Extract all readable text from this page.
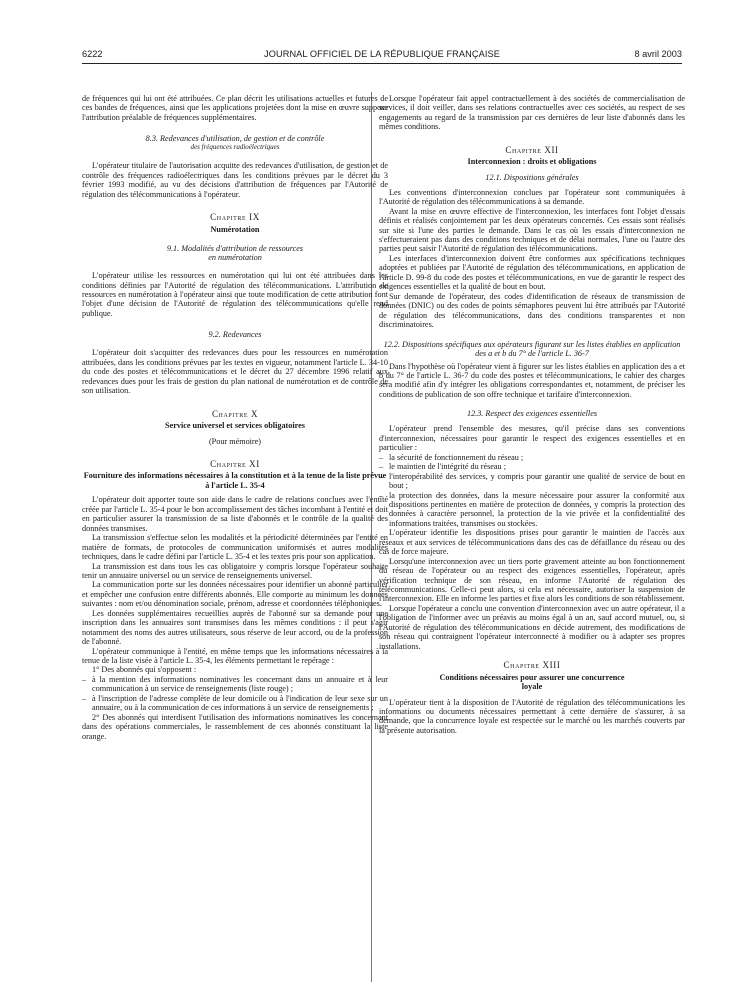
6222	JOURNAL OFFICIEL DE LA RÉPUBLIQUE FRANÇAISE	8 avril 2003

de fréquences qui lui ont été attribuées. Ce plan décrit les utilisations actuelles et futures de ces bandes de fréquences, ainsi que les applications projetées dont la mise en œuvre suppose l'attribution préalable de fréquences supplémentaires.

8.3. Redevances d'utilisation, de gestion et de contrôle
des fréquences radioélectriques

L'opérateur titulaire de l'autorisation acquitte des redevances d'utilisation, de gestion et de contrôle des fréquences radioélectriques dans les conditions prévues par le décret du 3 février 1993 modifié, au vu des décisions d'attribution de fréquences par l'Autorité de régulation des télécommunications à l'opérateur.

Chapitre IX
Numérotation
9.1. Modalités d'attribution de ressources
en numérotation

L'opérateur utilise les ressources en numérotation qui lui ont été attribuées dans les conditions définies par l'Autorité de régulation des télécommunications. L'attribution de ressources en numérotation à l'opérateur ainsi que toute modification de cette attribution font l'objet d'une décision de l'Autorité de régulation des télécommunications qu'elle rend publique.

9.2. Redevances

L'opérateur doit s'acquitter des redevances dues pour les ressources en numérotation attribuées, dans les conditions prévues par les textes en vigueur, notamment l'article L. 34-10 du code des postes et télécommunications et le décret du 27 décembre 1996 relatif aux redevances dues pour les frais de gestion du plan national de numérotation et de contrôle de son utilisation.

Chapitre X
Service universel et services obligatoires
(Pour mémoire)
Chapitre XI
Fourniture des informations nécessaires à la constitution et à la tenue de la liste prévue à l'article L. 35-4

L'opérateur doit apporter toute son aide dans le cadre de relations conclues avec l'entité créée par l'article L. 35-4 pour le bon accomplissement des tâches incombant à l'entité et doit en particulier assurer la transmission de sa liste d'abonnés et le contrôle de la qualité des données transmises.

La transmission s'effectue selon les modalités et la périodicité déterminées par l'entité en matière de formats, de protocoles de communication uniformisés et autres modalités techniques, dans le cadre défini par l'article L. 35-4 et les textes pris pour son application.

La transmission est dans tous les cas obligatoire y compris lorsque l'opérateur souhaite tenir un annuaire universel ou un service de renseignements universel.

La communication porte sur les données nécessaires pour identifier un abonné particulier et empêcher une confusion entre différents abonnés. Elle comporte au minimum les données suivantes : nom et/ou dénomination sociale, prénom, adresse et coordonnées téléphoniques.

Les données supplémentaires recueillies auprès de l'abonné sur sa demande pour une inscription dans les annuaires sont transmises dans les mêmes conditions : il peut s'agir notamment des noms des autres utilisateurs, sous réserve de leur accord, ou de la profession de l'abonné.

L'opérateur communique à l'entité, en même temps que les informations nécessaires à la tenue de la liste visée à l'article L. 35-4, les éléments permettant le repérage :

1° Des abonnés qui s'opposent :

– à la mention des informations nominatives les concernant dans un annuaire et à leur communication à un service de renseignements (liste rouge) ;

– à l'inscription de l'adresse complète de leur domicile ou à l'indication de leur sexe sur un annuaire, ou à la communication de ces informations à un service de renseignements ;

2° Des abonnés qui interdisent l'utilisation des informations nominatives les concernant dans des opérations commerciales, le rassemblement de ces abonnés constituant la liste orange.

Lorsque l'opérateur fait appel contractuellement à des sociétés de commercialisation de services, il doit veiller, dans ses relations contractuelles avec ces sociétés, au respect de ses engagements au regard de la transmission par ces dernières de leur liste d'abonnés dans les mêmes conditions.

Chapitre XII
Interconnexion : droits et obligations
12.1. Dispositions générales

Les conventions d'interconnexion conclues par l'opérateur sont communiquées à l'Autorité de régulation des télécommunications à sa demande.

Avant la mise en œuvre effective de l'interconnexion, les interfaces font l'objet d'essais définis et réalisés conjointement par les deux opérateurs concernés. Ces essais sont réalisés sur site si l'une des parties le demande. Dans le cas où les essais d'interconnexion ne s'effectueraient pas dans des conditions techniques et de délai normales, l'une ou l'autre des parties peut saisir l'Autorité de régulation des télécommunications.

Les interfaces d'interconnexion doivent être conformes aux spécifications techniques adoptées et publiées par l'Autorité de régulation des télécommunications, en application de l'article D. 99-8 du code des postes et télécommunications, en vue de garantir le respect des exigences essentielles et la qualité de bout en bout.

Sur demande de l'opérateur, des codes d'identification de réseaux de transmission de données (DNIC) ou des codes de points sémaphores peuvent lui être attribués par l'Autorité de régulation des télécommunications, dans des conditions transparentes et non discriminatoires.

12.2. Dispositions spécifiques aux opérateurs figurant sur les listes établies en application des a et b du 7° de l'article L. 36-7

Dans l'hypothèse où l'opérateur vient à figurer sur les listes établies en application des a et b du 7° de l'article L. 36-7 du code des postes et télécommunications, le cahier des charges sera modifié afin d'y intégrer les obligations correspondantes et, notamment, de préciser les conditions de publication de son offre technique et tarifaire d'interconnexion.

12.3. Respect des exigences essentielles

L'opérateur prend l'ensemble des mesures, qu'il précise dans ses conventions d'interconnexion, nécessaires pour garantir le respect des exigences essentielles et en particulier :

– la sécurité de fonctionnement du réseau ;

– le maintien de l'intégrité du réseau ;

– l'interopérabilité des services, y compris pour garantir une qualité de service de bout en bout ;

– la protection des données, dans la mesure nécessaire pour assurer la conformité aux dispositions pertinentes en matière de protection de données, y compris la protection des données à caractère personnel, la protection de la vie privée et la confidentialité des informations traitées, transmises ou stockées.

L'opérateur identifie les dispositions prises pour garantir le maintien de l'accès aux réseaux et aux services de télécommunications dans des cas de défaillance du réseau ou des cas de force majeure.

Lorsqu'une interconnexion avec un tiers porte gravement atteinte au bon fonctionnement du réseau de l'opérateur ou au respect des exigences essentielles, l'opérateur, après vérification technique de son réseau, en informe l'Autorité de régulation des télécommunications. Celle-ci peut alors, si cela est nécessaire, autoriser la suspension de l'interconnexion. Elle en informe les parties et fixe alors les conditions de son rétablissement.

Lorsque l'opérateur a conclu une convention d'interconnexion avec un autre opérateur, il a l'obligation de l'informer avec un préavis au moins égal à un an, sauf accord mutuel, ou, si l'Autorité de régulation des télécommunications en décide autrement, des modifications de son réseau qui contraignent l'opérateur interconnecté à modifier ou à adapter ses propres installations.

Chapitre XIII
Conditions nécessaires pour assurer une concurrence loyale

L'opérateur tient à la disposition de l'Autorité de régulation des télécommunications les informations ou documents nécessaires permettant à cette dernière de s'assurer, à sa demande, que la concurrence loyale est respectée sur le marché ou les marchés couverts par la présente autorisation.
